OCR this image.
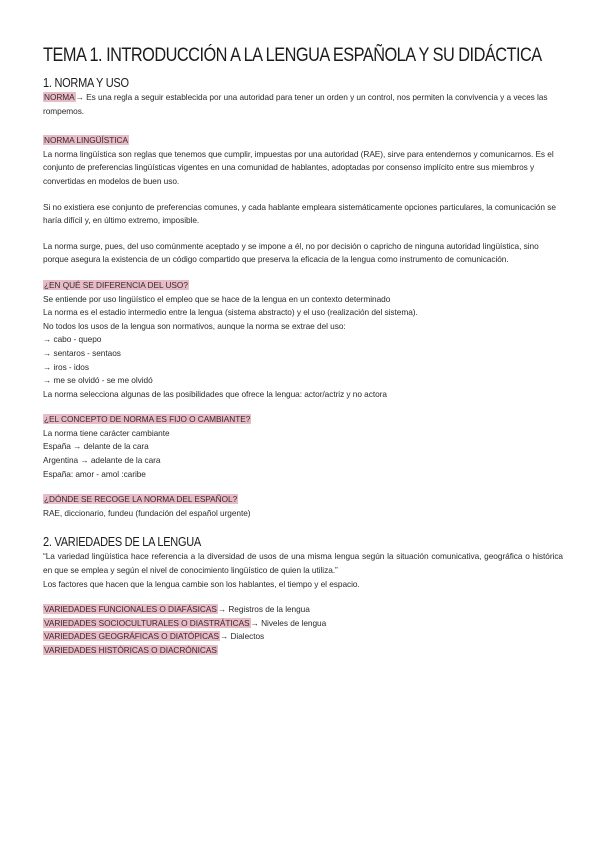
TEMA 1. INTRODUCCIÓN A LA LENGUA ESPAÑOLA Y SU DIDÁCTICA
1. NORMA Y USO

NORMA→ Es una regla a seguir establecida por una autoridad para tener un orden y un control, nos permiten la convivencia y a veces las rompemos.

NORMA LINGÜÍSTICA

La norma lingüística son reglas que tenemos que cumplir, impuestas por una autoridad (RAE), sirve para entendernos y comunicarnos. Es el conjunto de preferencias lingüísticas vigentes en una comunidad de hablantes, adoptadas por consenso implícito entre sus miembros y convertidas en modelos de buen uso.

Si no existiera ese conjunto de preferencias comunes, y cada hablante empleara sistemáticamente opciones particulares, la comunicación se haría difícil y, en último extremo, imposible.

La norma surge, pues, del uso comúnmente aceptado y se impone a él, no por decisión o capricho de ninguna autoridad lingüística, sino porque asegura la existencia de un código compartido que preserva la eficacia de la lengua como instrumento de comunicación.

¿EN QUÉ SE DIFERENCIA DEL USO?

Se entiende por uso lingüístico el empleo que se hace de la lengua en un contexto determinado

La norma es el estadio intermedio entre la lengua (sistema abstracto) y el uso (realización del sistema).

No todos los usos de la lengua son normativos, aunque la norma se extrae del uso:

→ cabo - quepo

→ sentaros - sentaos

→ iros - idos

→ me se olvidó - se me olvidó

La norma selecciona algunas de las posibilidades que ofrece la lengua: actor/actriz y no actora

¿EL CONCEPTO DE NORMA ES FIJO O CAMBIANTE?

La norma tiene carácter cambiante

España → delante de la cara

Argentina → adelante de la cara

España: amor - amol :caribe

¿DÓNDE SE RECOGE LA NORMA DEL ESPAÑOL?

RAE, diccionario, fundeu (fundación del español urgente)

2. VARIEDADES DE LA LENGUA

“La variedad lingüística hace referencia a la diversidad de usos de una misma lengua según la situación comunicativa, geográfica o histórica en que se emplea y según el nivel de conocimiento lingüístico de quien la utiliza.”

Los factores que hacen que la lengua cambie son los hablantes, el tiempo y el espacio.

VARIEDADES FUNCIONALES O DIAFÁSICAS→ Registros de la lengua

VARIEDADES SOCIOCULTURALES O DIASTRÁTICAS→ Niveles de lengua

VARIEDADES GEOGRÁFICAS O DIATÓPICAS→ Dialectos

VARIEDADES HISTÓRICAS O DIACRÓNICAS
